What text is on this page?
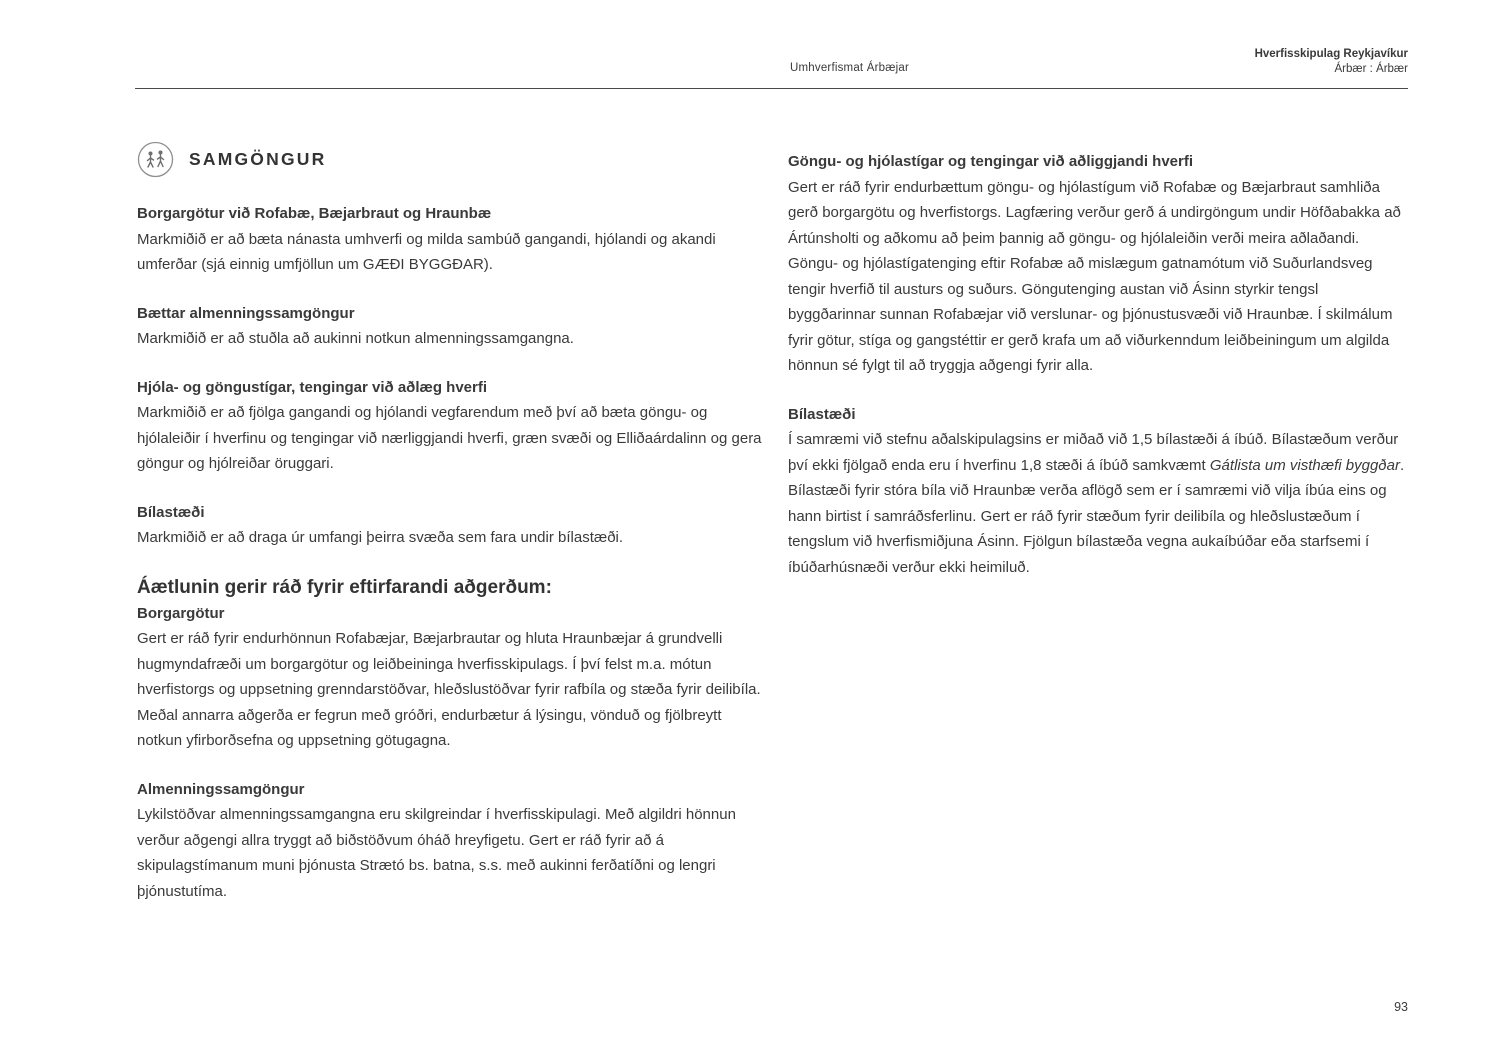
Umhverfismat Árbæjar
Hverfisskipulag Reykjavíkur
Árbær : Árbær
SAMGÖNGUR
Borgargötur við Rofabæ, Bæjarbraut og Hraunbæ
Markmiðið er að bæta nánasta umhverfi og milda sambúð gangandi, hjólandi og akandi umferðar (sjá einnig umfjöllun um GÆÐI BYGGÐAR).
Bættar almenningssamgöngur
Markmiðið er að stuðla að aukinni notkun almenningssamgangna.
Hjóla- og göngustígar, tengingar við aðlæg hverfi
Markmiðið er að fjölga gangandi og hjólandi vegfarendum með því að bæta göngu- og hjólaleiðir í hverfinu og tengingar við nærliggjandi hverfi, græn svæði og Elliðaárdalinn og gera göngur og hjólreiðar öruggari.
Bílastæði
Markmiðið er að draga úr umfangi þeirra svæða sem fara undir bílastæði.
Áætlunin gerir ráð fyrir eftirfarandi aðgerðum:
Borgargötur
Gert er ráð fyrir endurhönnun Rofabæjar, Bæjarbrautar og hluta Hraunbæjar á grundvelli hugmyndafræði um borgargötur og leiðbeininga hverfisskipulags. Í því felst m.a. mótun hverfistorgs og uppsetning grenndarstöðvar, hleðslustöðvar fyrir rafbíla og stæða fyrir deilibíla. Meðal annarra aðgerða er fegrun með gróðri, endurbætur á lýsingu, vönduð og fjölbreytt notkun yfirborðsefna og uppsetning götugagna.
Almenningssamgöngur
Lykilstöðvar almenningssamgangna eru skilgreindar í hverfisskipulagi. Með algildri hönnun verður aðgengi allra tryggt að biðstöðvum óháð hreyfigetu. Gert er ráð fyrir að á skipulagstímanum muni þjónusta Strætó bs. batna, s.s. með aukinni ferðatíðni og lengri þjónustutíma.
Göngu- og hjólastígar og tengingar við aðliggjandi hverfi
Gert er ráð fyrir endurbættum göngu- og hjólastígum við Rofabæ og Bæjarbraut samhliða gerð borgargötu og hverfistorgs. Lagfæring verður gerð á undirgöngum undir Höfðabakka að Ártúnsholti og aðkomu að þeim þannig að göngu- og hjólaleiðin verði meira aðlaðandi. Göngu- og hjólastígatenging eftir Rofabæ að mislægum gatnamótum við Suðurlandsveg tengir hverfið til austurs og suðurs. Göngutenging austan við Ásinn styrkir tengsl byggðarinnar sunnan Rofabæjar við verslunar- og þjónustusvæði við Hraunbæ. Í skilmálum fyrir götur, stíga og gangstéttir er gerð krafa um að viðurkenndum leiðbeiningum um algilda hönnun sé fylgt til að tryggja aðgengi fyrir alla.
Bílastæði
Í samræmi við stefnu aðalskipulagsins er miðað við 1,5 bílastæði á íbúð. Bílastæðum verður því ekki fjölgað enda eru í hverfinu 1,8 stæði á íbúð samkvæmt Gátlista um visthæfi byggðar. Bílastæði fyrir stóra bíla við Hraunbæ verða aflögð sem er í samræmi við vilja íbúa eins og hann birtist í samráðsferlinu. Gert er ráð fyrir stæðum fyrir deilibíla og hleðslustæðum í tengslum við hverfismiðjuna Ásinn. Fjölgun bílastæða vegna aukaíbúðar eða starfsemi í íbúðarhúsnæði verður ekki heimiluð.
93
